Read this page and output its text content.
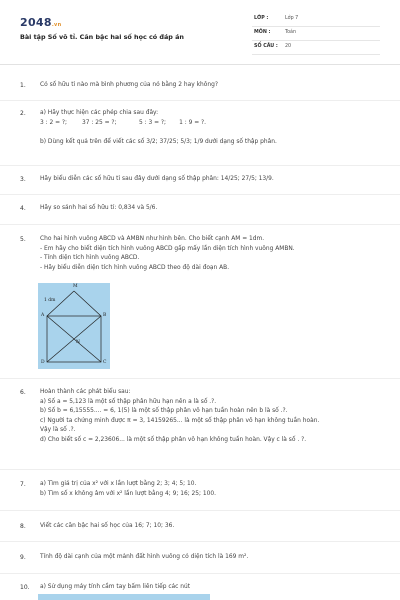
2048.vn
Bài tập Số vô tỉ. Căn bậc hai số học có đáp án
LỚP :	Lớp 7
MÔN :	Toán
SỐ CÂU : 20
1.	Có số hữu tỉ nào mà bình phương của nó bằng 2 hay không?
2.	a) Hãy thực hiện các phép chia sau đây:
3 : 2 = ?;        37 : 25 = ?;            5 : 3 = ?;       1 : 9 = ?.
b) Dùng kết quả trên để viết các số 3/2; 37/25; 5/3; 1/9 dưới dạng số thập phân.
3.	Hãy biểu diễn các số hữu tỉ sau đây dưới dạng số thập phân: 14/25; 27/5; 13/9.
4.	Hãy so sánh hai số hữu tỉ: 0,834 và 5/6.
5.	Cho hai hình vuông ABCD và AMBN như hình bên. Cho biết cạnh AM = 1dm.
- Em hãy cho biết diện tích hình vuông ABCD gấp mấy lần diện tích hình vuông AMBN.
- Tính diện tích hình vuông ABCD.
- Hãy biểu diễn diện tích hình vuông ABCD theo độ dài đoạn AB.
M
1 dm
A	B
N
D	C
6.	Hoàn thành các phát biểu sau:
a) Số a = 5,123 là một số thập phân hữu hạn nên a là số .?.
b) Số b = 6,15555.... = 6, 1(5) là một số thập phân vô hạn tuần hoàn nên b là số .?.
c) Người ta chứng minh được π = 3, 14159265... là một số thập phân vô hạn không tuần hoàn.
Vậy là số .?.
d) Cho biết số c = 2,23606... là một số thập phân vô hạn không tuần hoàn. Vậy c là số . ?.
7.	a) Tìm giá trị của x² với x lần lượt bằng 2; 3; 4; 5; 10.
b) Tìm số x không âm với x² lần lượt bằng 4; 9; 16; 25; 100.
8.	Viết các căn bậc hai số học của 16; 7; 10; 36.
9.	Tính độ dài cạnh của một mảnh đất hình vuông có diện tích là 169 m².
10.	a) Sử dụng máy tính cầm tay bấm liên tiếp các nút
